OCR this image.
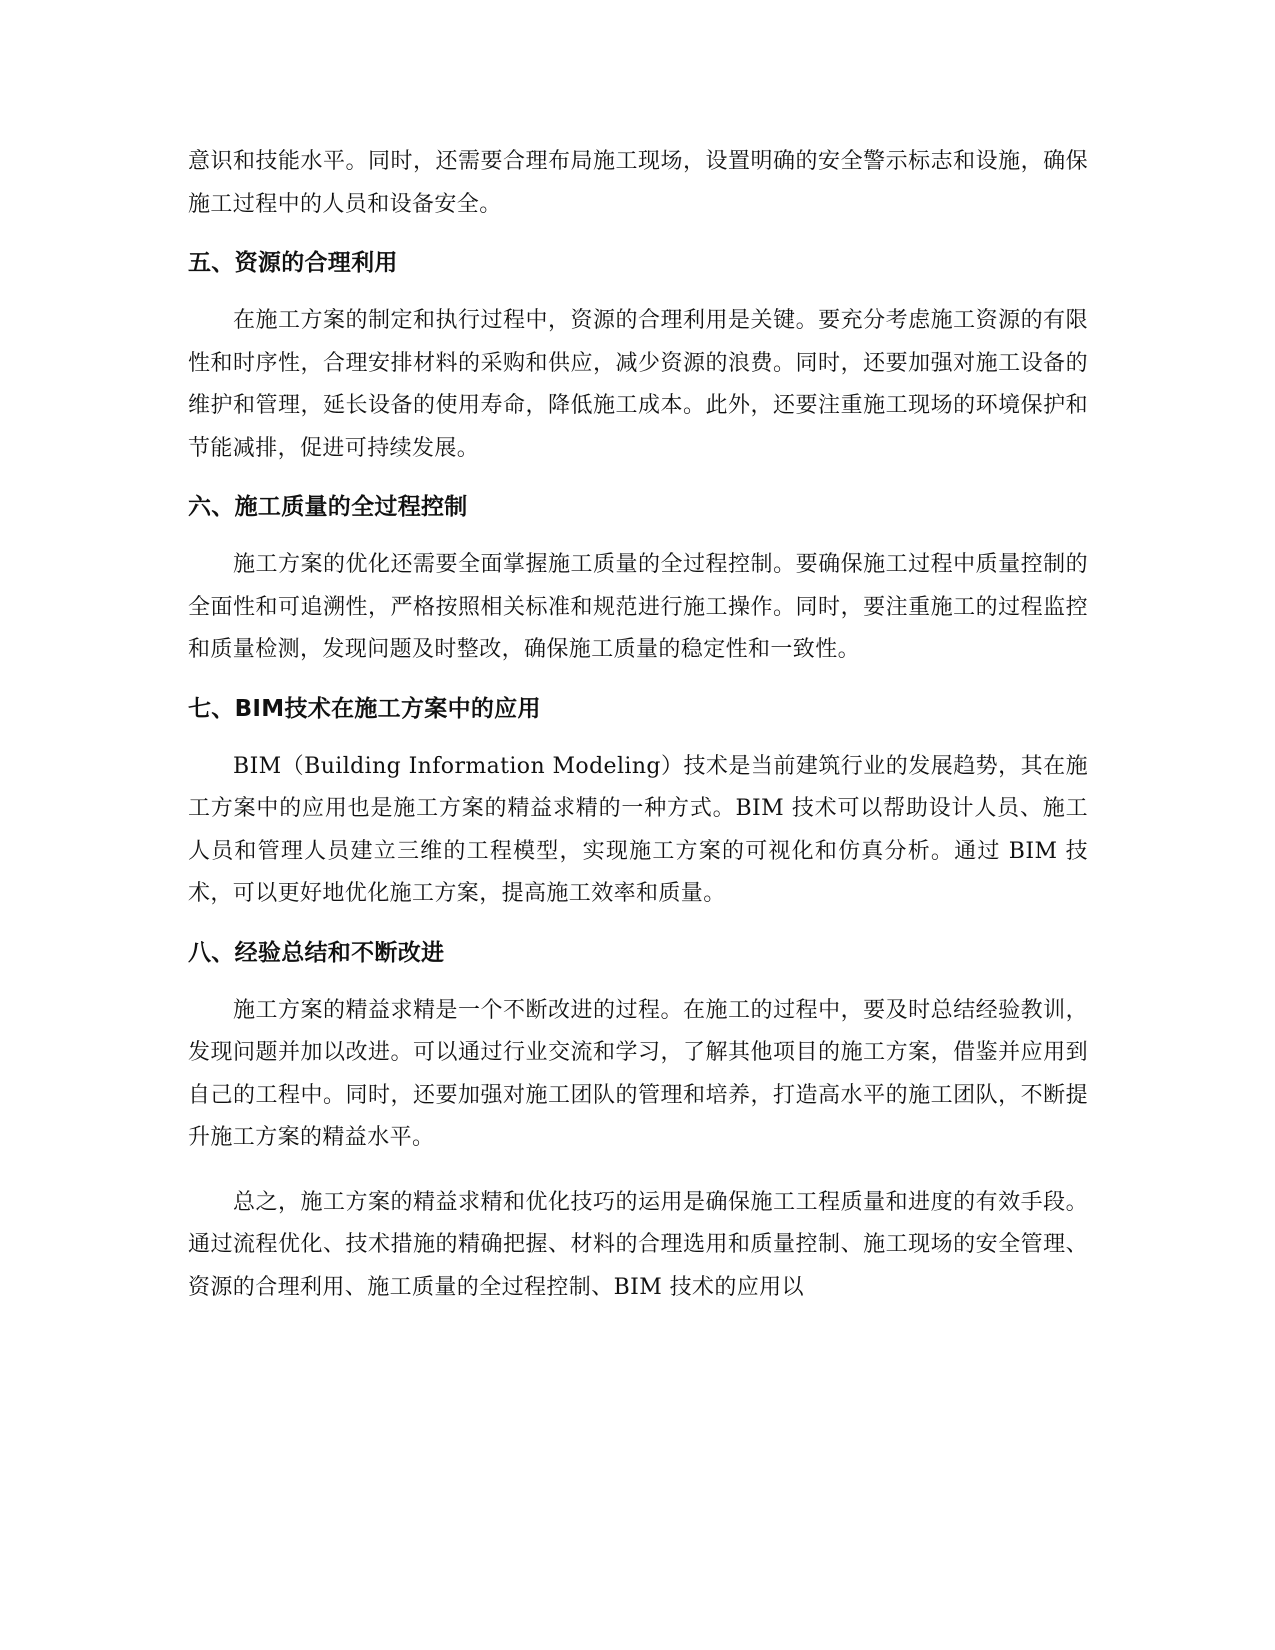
意识和技能水平。同时，还需要合理布局施工现场，设置明确的安全警示标志和设施，确保施工过程中的人员和设备安全。

五、资源的合理利用

在施工方案的制定和执行过程中，资源的合理利用是关键。要充分考虑施工资源的有限性和时序性，合理安排材料的采购和供应，减少资源的浪费。同时，还要加强对施工设备的维护和管理，延长设备的使用寿命，降低施工成本。此外，还要注重施工现场的环境保护和节能减排，促进可持续发展。

六、施工质量的全过程控制

施工方案的优化还需要全面掌握施工质量的全过程控制。要确保施工过程中质量控制的全面性和可追溯性，严格按照相关标准和规范进行施工操作。同时，要注重施工的过程监控和质量检测，发现问题及时整改，确保施工质量的稳定性和一致性。

七、BIM技术在施工方案中的应用

BIM（Building Information Modeling）技术是当前建筑行业的发展趋势，其在施工方案中的应用也是施工方案的精益求精的一种方式。BIM 技术可以帮助设计人员、施工人员和管理人员建立三维的工程模型，实现施工方案的可视化和仿真分析。通过 BIM 技术，可以更好地优化施工方案，提高施工效率和质量。

八、经验总结和不断改进

施工方案的精益求精是一个不断改进的过程。在施工的过程中，要及时总结经验教训，发现问题并加以改进。可以通过行业交流和学习，了解其他项目的施工方案，借鉴并应用到自己的工程中。同时，还要加强对施工团队的管理和培养，打造高水平的施工团队，不断提升施工方案的精益水平。

总之，施工方案的精益求精和优化技巧的运用是确保施工工程质量和进度的有效手段。通过流程优化、技术措施的精确把握、材料的合理选用和质量控制、施工现场的安全管理、资源的合理利用、施工质量的全过程控制、BIM 技术的应用以
